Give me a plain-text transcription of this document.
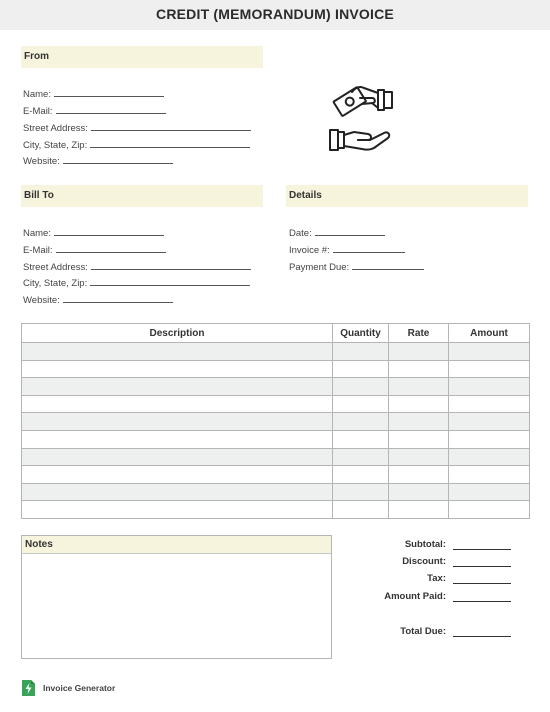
CREDIT (MEMORANDUM) INVOICE
From
Name:
E-Mail:
Street Address:
City, State, Zip:
Website:
Bill To
Name:
E-Mail:
Street Address:
City, State, Zip:
Website:
Details
Date:
Invoice #:
Payment Due:
Description	Quantity	Rate	Amount

Notes	Subtotal:
Discount:
Tax:
Amount Paid:
Total Due:
Invoice Generator
